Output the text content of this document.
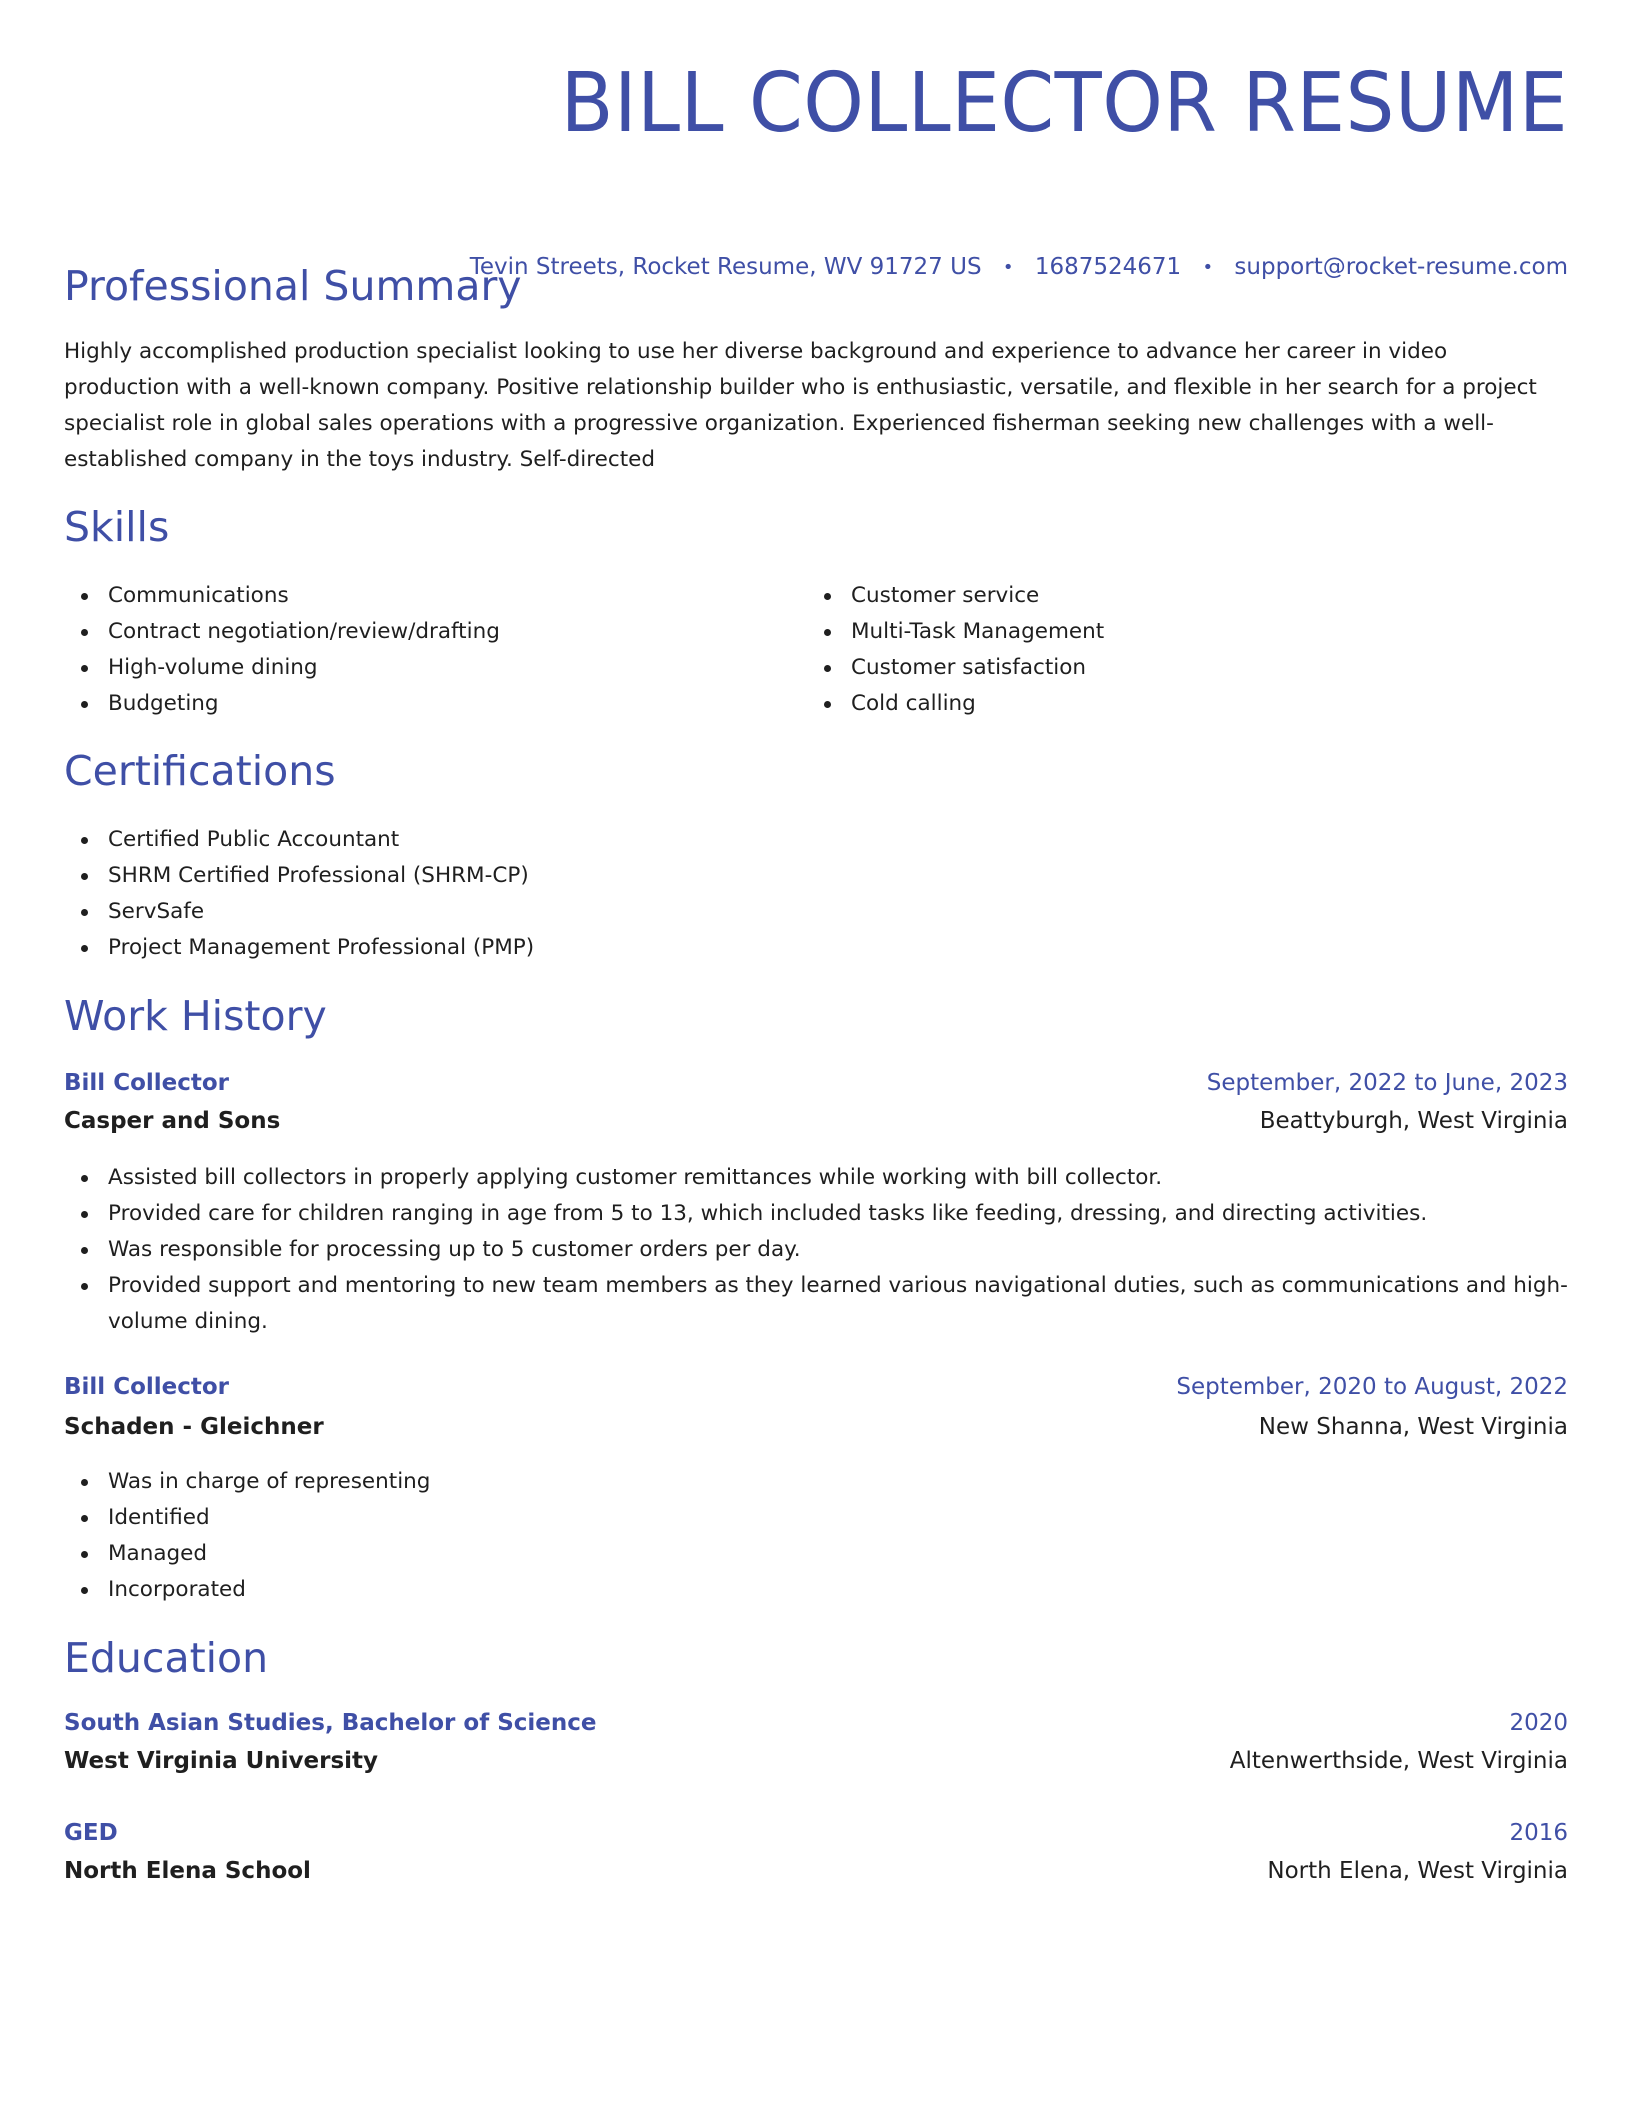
BILL COLLECTOR RESUME
Tevin Streets, Rocket Resume, WV 91727 US • 1687524671 • support@rocket-resume.com
Professional Summary

Highly accomplished production specialist looking to use her diverse background and experience to advance her career in video production with a well-known company. Positive relationship builder who is enthusiastic, versatile, and flexible in her search for a project specialist role in global sales operations with a progressive organization. Experienced fisherman seeking new challenges with a well-established company in the toys industry. Self-directed

Skills
Communications
Contract negotiation/review/drafting
High-volume dining
Budgeting
Customer service
Multi-Task Management
Customer satisfaction
Cold calling
Certifications
Certified Public Accountant
SHRM Certified Professional (SHRM-CP)
ServSafe
Project Management Professional (PMP)
Work History
Bill Collector	September, 2022 to June, 2023
Casper and Sons	Beattyburgh, West Virginia
Assisted bill collectors in properly applying customer remittances while working with bill collector.
Provided care for children ranging in age from 5 to 13, which included tasks like feeding, dressing, and directing activities.
Was responsible for processing up to 5 customer orders per day.
Provided support and mentoring to new team members as they learned various navigational duties, such as communications and high-volume dining.
Bill Collector	September, 2020 to August, 2022
Schaden - Gleichner	New Shanna, West Virginia
Was in charge of representing
Identified
Managed
Incorporated
Education
South Asian Studies, Bachelor of Science	2020
West Virginia University	Altenwerthside, West Virginia
GED	2016
North Elena School	North Elena, West Virginia
